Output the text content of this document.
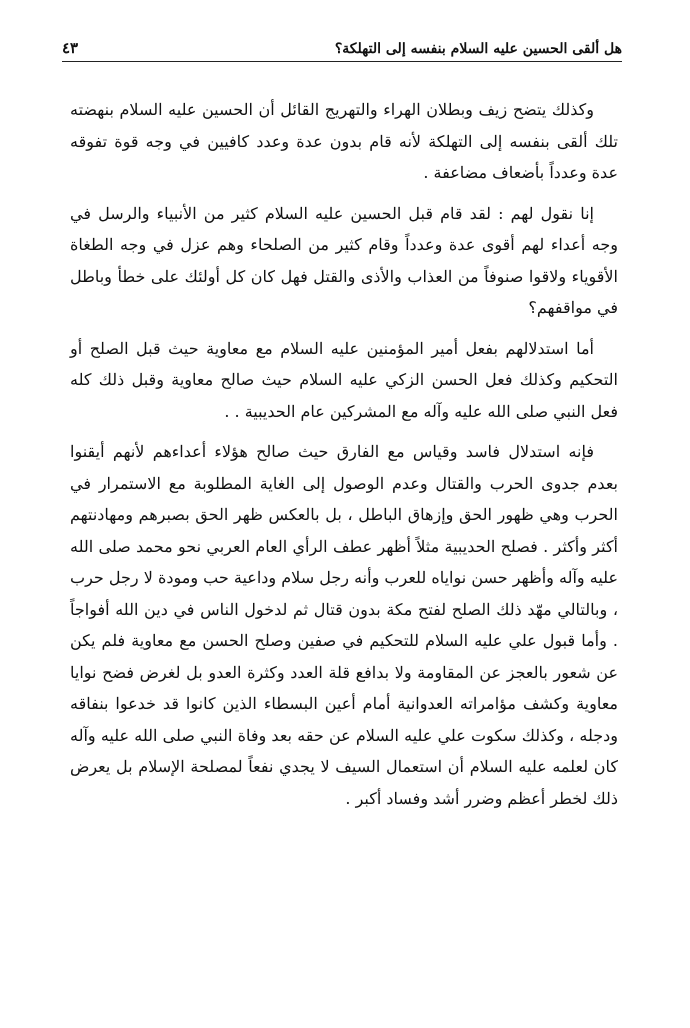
هل ألقى الحسين عليه السلام بنفسه إلى التهلكة؟
٤٣

وكذلك يتضح زيف وبطلان الهراء والتهريج القائل أن الحسين عليه السلام بنهضته تلك ألقى بنفسه إلى التهلكة لأنه قام بدون عدة وعدد كافيين في وجه قوة تفوقه عدة وعدداً بأضعاف مضاعفة .

إنا نقول لهم : لقد قام قبل الحسين عليه السلام كثير من الأنبياء والرسل في وجه أعداء لهم أقوى عدة وعدداً وقام كثير من الصلحاء وهم عزل في وجه الطغاة الأقوياء ولاقوا صنوفاً من العذاب والأذى والقتل فهل كان كل أولئك على خطأ وباطل في مواقفهم؟

أما استدلالهم بفعل أمير المؤمنين عليه السلام مع معاوية حيث قبل الصلح أو التحكيم وكذلك فعل الحسن الزكي عليه السلام حيث صالح معاوية وقبل ذلك كله فعل النبي صلى الله عليه وآله مع المشركين عام الحديبية . .

فإنه استدلال فاسد وقياس مع الفارق حيث صالح هؤلاء أعداءهم لأنهم أيقنوا بعدم جدوى الحرب والقتال وعدم الوصول إلى الغاية المطلوبة مع الاستمرار في الحرب وهي ظهور الحق وإزهاق الباطل ، بل بالعكس ظهر الحق بصبرهم ومهادنتهم أكثر وأكثر . فصلح الحديبية مثلاً أظهر عطف الرأي العام العربي نحو محمد صلى الله عليه وآله وأظهر حسن نواياه للعرب وأنه رجل سلام وداعية حب ومودة لا رجل حرب ، وبالتالي مهّد ذلك الصلح لفتح مكة بدون قتال ثم لدخول الناس في دين الله أفواجاً . وأما قبول علي عليه السلام للتحكيم في صفين وصلح الحسن مع معاوية فلم يكن عن شعور بالعجز عن المقاومة ولا بدافع قلة العدد وكثرة العدو بل لغرض فضح نوايا معاوية وكشف مؤامراته العدوانية أمام أعين البسطاء الذين كانوا قد خدعوا بنفاقه ودجله ، وكذلك سكوت علي عليه السلام عن حقه بعد وفاة النبي صلى الله عليه وآله كان لعلمه عليه السلام أن استعمال السيف لا يجدي نفعاً لمصلحة الإسلام بل يعرض ذلك لخطر أعظم وضرر أشد وفساد أكبر .
